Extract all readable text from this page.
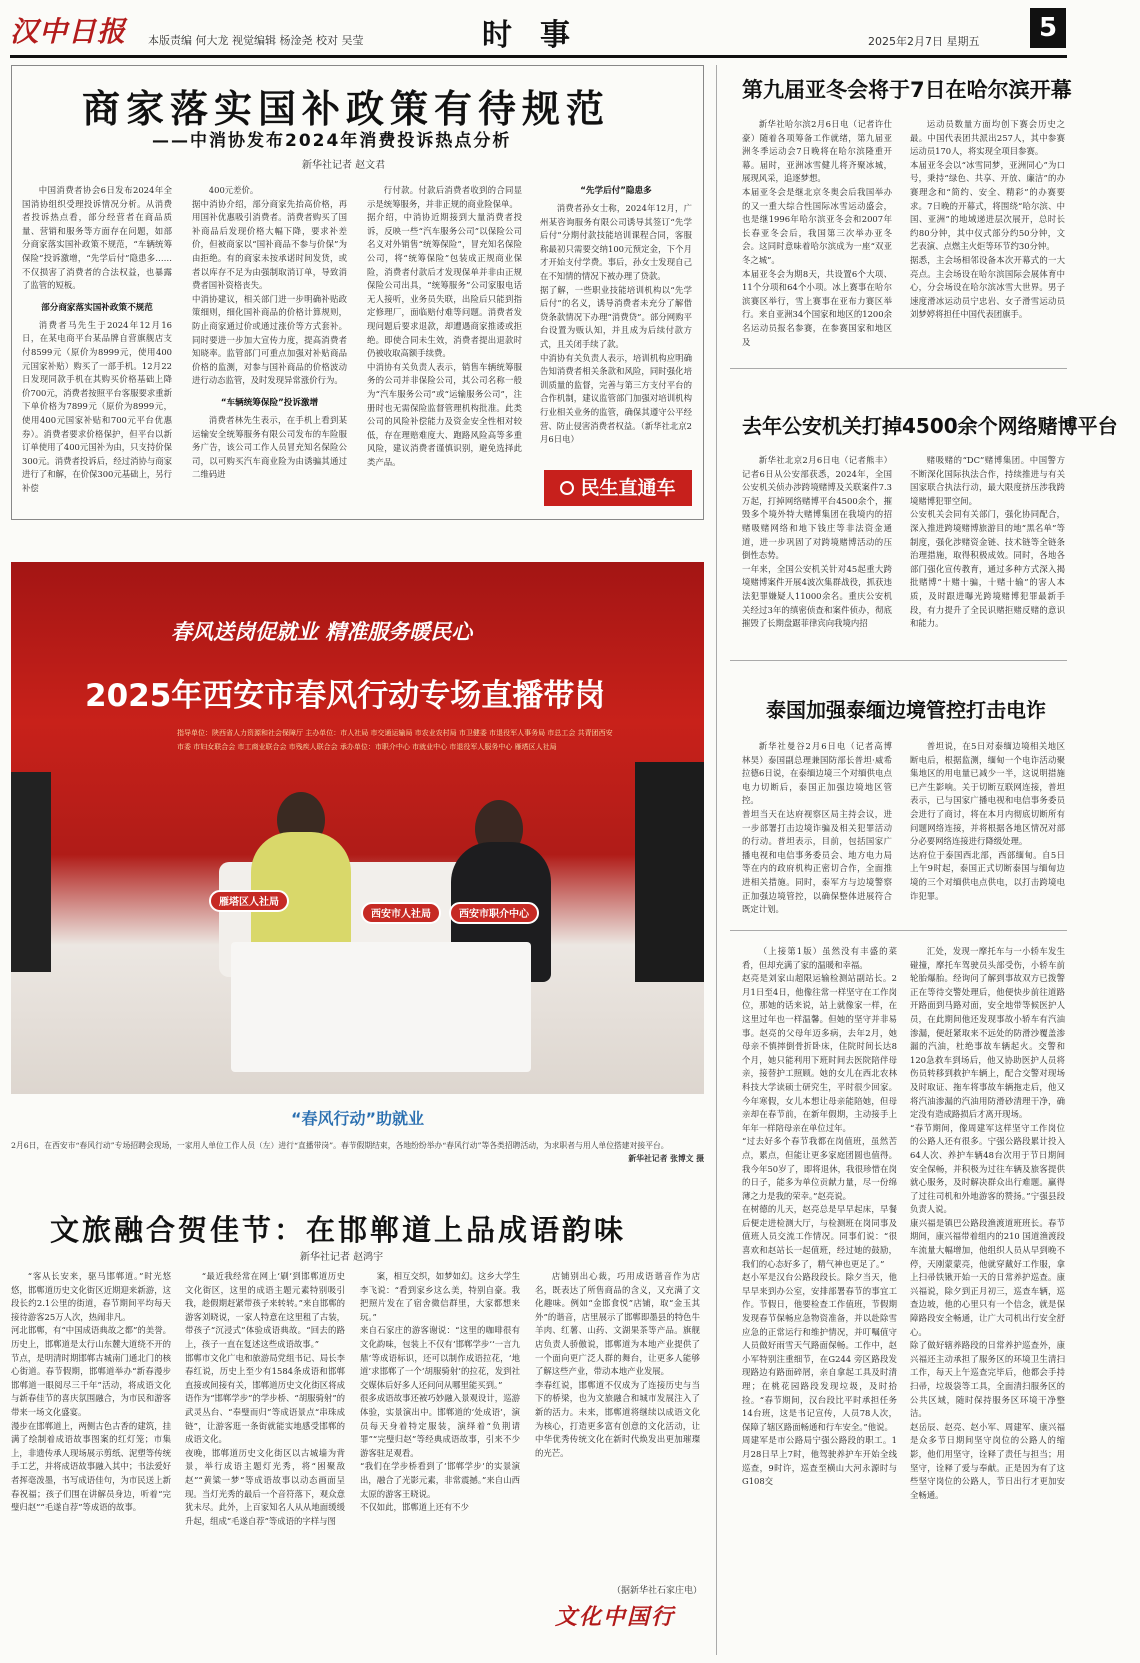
汉中日报 本版责编 何大龙 视觉编辑 杨淦尧 校对 吴莹	时事	2025年2月7日 星期五	5
商家落实国补政策有待规范
——中消协发布2024年消费投诉热点分析
新华社记者 赵文君

中国消费者协会6日发布2024年全国消协组织受理投诉情况分析。从消费者投诉热点看，部分经营者在商品质量、营销和服务等方面存在问题，如部分商家落实国补政策不规范，“车辆统筹保险”投诉激增，“先学后付”隐患多……不仅损害了消费者的合法权益，也暴露了监管的短板。

部分商家落实国补政策不规范

消费者马先生于2024年12月16日，在某电商平台某品牌自营旗舰店支付8599元（原价为8999元，使用400元国家补贴）购买了一部手机。12月22日发现同款手机在其购买价格基础上降价700元，消费者按照平台客服要求重新下单价格为7899元（原价为8999元，使用400元国家补贴和700元平台优惠券）。消费者要求价格保护，但平台以新订单使用了400元国补为由，只支持价保300元。消费者投诉后，经过消协与商家进行了和解，在价保300元基础上，另行补偿

400元差价。
据中消协介绍，部分商家先抬高价格，再用国补优惠吸引消费者。消费者购买了国补商品后发现价格大幅下降，要求补差价，但被商家以“国补商品不参与价保”为由拒绝。有的商家未按承诺时间发货，或者以库存不足为由强制取消订单，导致消费者国补资格丧失。
中消协建议，相关部门进一步明确补贴政策细则，细化国补商品的价格计算规则，防止商家通过价或通过涨价等方式套补。同时要进一步加大宣传力度，提高消费者知晓率。监管部门可重点加强对补贴商品价格的监测，对参与国补商品的价格波动进行动态监管，及时发现异常涨价行为。

“车辆统筹保险”投诉激增

消费者林先生表示，在手机上看到某运输安全统筹服务有限公司发布的车险服务广告，该公司工作人员冒充知名保险公司，以可购买汽车商业险为由诱骗其通过二维码进

行付款。付款后消费者收到的合同显示是统筹服务，并非正规的商业险保单。
据介绍，中消协近期接到大量消费者投诉，反映一些“汽车服务公司”以保险公司名义对外销售“统筹保险”，冒充知名保险公司，将“统筹保险”包装成正规商业保险，消费者付款后才发现保单并非由正规保险公司出具，“统筹服务”公司家服电话无人接听，业务员失联，出险后只能到指定修理厂，面临赔付难等问题。消费者发现问题后要求退款，却遭遇商家推诿或拒绝。即使合同未生效，消费者提出退款时仍被收取高额手续费。
中消协有关负责人表示，销售车辆统筹服务的公司并非保险公司，其公司名称一般为“汽车服务公司”或“运输服务公司”，注册时也无需保险监督管理机构批准。此类公司的风险补偿能力及资金安全性相对较低，存在理赔难度大、跑路风险高等多重风险，建议消费者谨慎识别，避免选择此类产品。

“先学后付”隐患多

消费者孙女士称，2024年12月，广州某咨询服务有限公司诱导其签订“先学后付”分期付款技能培训课程合同，客服称最初只需要交纳100元预定金，下个月才开始支付学费。事后，孙女士发现自己在不知情的情况下被办理了贷款。
据了解，一些职业技能培训机构以“先学后付”的名义，诱导消费者未充分了解借贷条款情况下办理“消费贷”。部分网购平台设置为贩认知，并且成为后续付款方式，且关闭手续了款。
中消协有关负责人表示，培训机构应明确告知消费者相关条款和风险，同时强化培训质量的监督，完善与第三方支付平台的合作机制，建议监管部门加强对培训机构行业相关业务的监管，确保其遵守公平经营、防止侵害消费者权益。（新华社北京2月6日电）

民生直通车
春风送岗促就业 精准服务暖民心
2025年西安市春风行动专场直播带岗
指导单位：陕西省人力资源和社会保障厅 主办单位：市人社局 市交通运输局 市农业农村局 市卫健委 市退役军人事务局 市总工会 共青团西安市委 市妇女联合会 市工商业联合会 市残疾人联合会 承办单位：市职介中心 市就业中心 市退役军人服务中心 雁塔区人社局
雁塔区人社局
西安市人社局	西安市职介中心
“春风行动”助就业
2月6日，在西安市“春风行动”专场招聘会现场，一家用人单位工作人员（左）进行“直播带岗”。春节假期结束，各地纷纷举办“春风行动”等各类招聘活动，为求职者与用人单位搭建对接平台。
新华社记者 张博文 摄
文旅融合贺佳节：在邯郸道上品成语韵味
新华社记者 赵鸿宇

“客从长安来，驱马邯郸道。”时光悠悠，邯郸道历史文化街区近期迎来新游，这段长约2.1公里的街道，春节期间平均每天接待游客25万人次，热闹非凡。
河北邯郸，有“中国成语典故之都”的美誉。历史上，邯郸道是太行山东麓大道绕不开的节点，是明清时期邯郸古城南门通北门的核心街道。春节假期，邯郸道举办“新春漫步邯郸道一眼阅尽三千年”活动，将成语文化与新春佳节的喜庆氛围融合，为市民和游客带来一场文化盛宴。
漫步在邯郸道上，两侧古色古香的建筑，挂满了绘制着成语故事图案的红灯笼；市集上，非遗传承人现场展示剪纸、泥塑等传统手工艺，并将成语故事融入其中；书法爱好者挥毫泼墨，书写成语佳句，为市民送上新春祝福；孩子们围在讲解员身边，听着“完璧归赵”“毛遂自荐”等成语的故事。

“最近我经常在网上‘刷’到邯郸道历史文化街区，这里的成语主题元素特别吸引我，趁假期赶紧带孩子来转转。”来自邯郸的游客刘晓说，一家人特意在这里租了古装，带孩子“沉浸式”体验成语典故。“回去的路上，孩子一直在复述这些成语故事。”
邯郸市文化广电和旅游局党组书记、局长李春红说，历史上至少有1584条成语和邯郸直接或间接有关，邯郸道历史文化街区将成语作为“邯郸学步”的学步桥、“胡服骑射”的武灵丛台、“奉璧而归”等成语景点“串珠成链”，让游客逛一条街就能实地感受邯郸的成语文化。
夜晚，邯郸道历史文化街区以古城墙为背景，举行成语主题灯光秀，将“困聚敌赵”“黄粱一梦”等成语故事以动态画面呈现。当灯光秀的最后一个音符落下，观众意犹未尽。此外，上百家知名人从从地面缓缓升起，组成“毛遂自荐”等成语的字样与图

案，相互交织，如梦如幻。这乡大学生李飞说：“看到家乡这么美，特别自豪。我把照片发在了宿舍微信群里，大家都想来玩。”
来自石家庄的游客谢说：“这里的咖啡很有文化韵味，包装上不仅有‘邯郸学步’‘一言九鼎’等成语标识，还可以制作成语拉花，‘地道’求邯郸了一个‘胡服骑射’的拉花，发到社交媒体后好多人还问问从哪里能买到。”
很多成语故事还被巧妙融入景观设计，巡游体验，实景演出中。邯郸道的‘处成语’，演员每天身着特定服装，演绎着“负荆请罪”“完璧归赵”等经典成语故事，引来不少游客驻足观看。
“我们在学步桥看到了‘邯郸学步’的实景演出，融合了光影元素，非常震撼。”来自山西太原的游客王晓说。
不仅如此，邯郸道上还有不少

店铺别出心裁，巧用成语谐音作为店名，既表达了所售商品的含义，又充满了文化趣味。例如“金邯食悦”店铺，取“金玉其外”的谐音，店里展示了邯郸即墨县的特色牛羊肉、红薯、山药、文湖果茶等产品。旗舰店负责人骄傲说，邯郸道为本地产业提供了一个面向更广泛人群的舞台，让更多人能够了解这些产业，带动本地产业发展。
李春红说，邯郸道不仅成为了连接历史与当下的桥梁，也为文旅融合和城市发展注入了新的活力。未来，邯郸道将继续以成语文化为核心，打造更多富有创意的文化活动，让中华优秀传统文化在新时代焕发出更加璀璨的光芒。

（据新华社石家庄电）
文化中国行
第九届亚冬会将于7日在哈尔滨开幕

新华社哈尔滨2月6日电（记者许仕豪）随着各项筹备工作就绪，第九届亚洲冬季运动会7日晚将在哈尔滨隆重开幕。届时，亚洲冰雪健儿将齐聚冰城，展现风采，追逐梦想。
本届亚冬会是继北京冬奥会后我国举办的又一重大综合性国际冰雪运动盛会，也是继1996年哈尔滨亚冬会和2007年长春亚冬会后，我国第三次举办亚冬会。这同时意味着哈尔滨成为一座“双亚冬之城”。
本届亚冬会为期8天，共设置6个大项、11个分项和64个小项。冰上赛事在哈尔滨赛区举行，雪上赛事在亚布力赛区举行。来自亚洲34个国家和地区的1200余名运动员报名参赛，在参赛国家和地区及

运动员数量方面均创下赛会历史之最。中国代表团共派出257人，其中参赛运动员170人，将实现全项目参赛。
本届亚冬会以“冰雪同梦，亚洲同心”为口号，秉持“绿色、共享、开放、廉洁”的办赛理念和“简约、安全、精彩”的办赛要求。7日晚的开幕式，将围绕“哈尔滨、中国、亚洲”的地域递进层次展开，总时长约80分钟，其中仪式部分约50分钟，文艺表演、点燃主火炬等环节约30分钟。
据悉，主会场相邻设备本次开幕式的一大亮点。主会场设在哈尔滨国际会展体育中心，分会场设在哈尔滨冰雪大世界。男子速度滑冰运动员宁忠岩、女子滑雪运动员刘梦婷将担任中国代表团旗手。

去年公安机关打掉4500余个网络赌博平台

新华社北京2月6日电（记者熊丰）记者6日从公安部获悉，2024年，全国公安机关侦办涉跨境赌博及关联案件7.3万起，打掉网络赌博平台4500余个，摧毁多个境外特大赌博集团在我境内的招赌吸赌网络和地下钱庄等非法资金通道，进一步巩固了对跨境赌博活动的压倒性态势。
一年来，全国公安机关针对45起重大跨境赌博案件开展4波次集群战役，抓获违法犯罪嫌疑人11000余名。重庆公安机关经过3年的缜密侦查和案件侦办，彻底摧毁了长期盘踞菲律宾向我境内招

赌吸赌的“DC”赌博集团。中国警方不断深化国际执法合作，持续推进与有关国家联合执法行动，最大限度挤压涉我跨境赌博犯罪空间。
公安机关会同有关部门，强化协同配合，深入推进跨境赌博旅游目的地“黑名单”等制度，强化涉赌资金链、技术链等全链条治理措施，取得积极成效。同时，各地各部门强化宣传教育，通过多种方式深入揭批赌博“十赌十骗，十赌十输”的害人本质，及时跟进曝光跨境赌博犯罪最新手段，有力提升了全民识赌拒赌反赌的意识和能力。

泰国加强泰缅边境管控打击电诈

新华社曼谷2月6日电（记者高博  林昊）泰国副总理兼国防部长普坦·威希拉德6日说，在泰缅边境三个对缅供电点电力切断后，泰国正加强边境地区管控。
普坦当天在达府视察区局主持会议，进一步部署打击边境诈骗及相关犯罪活动的行动。普坦表示，目前，包括国家广播电视和电信事务委员会、地方电力局等在内的政府机构正密切合作，全面推进相关措施。同时，泰军方与边境警察正加强边境管控，以确保整体进展符合既定计划。

普坦说，在5日对泰缅边境相关地区断电后，根据监测，缅甸一个电诈活动聚集地区的用电量已减少一半，这说明措施已产生影响。关于切断互联网连接，普坦表示，已与国家广播电视和电信事务委员会进行了商讨，将在本月内彻底切断所有问题网络连接，并将根据各地区情况对部分必要网络连接进行降级处理。
达府位于泰国西北部，西部缅甸。自5日上午9时起，泰国正式切断泰国与缅甸边境的三个对缅供电点供电，以打击跨境电诈犯罪。

（上接第1版）虽然没有丰盛的菜肴，但却充满了家的温暖和幸福。
赵亮是刘家山超限运输检测站副站长。2月1日至4日，他像往常一样坚守在工作岗位，那她的话来说，站上就像家一样，在这里过年也一样温馨。但她的坚守并非易事。赵亮的父母年迈多病，去年2月，她母亲不慎摔倒骨折卧床，住院时间长达8个月，她只能利用下班时间去医院陪伴母亲，接替护工照顾。她的女儿在西北农林科技大学读硕士研究生，平时很少回家。今年寒假，女儿本想让母亲能陪她，但母亲却在春节前，在新年假期，主动接手上年年一样陪母亲在单位过年。
“过去好多个春节我都在岗值班，虽然苦点，累点，但能让更多家庭团圆也值得。我今年50岁了，即将退休，我很珍惜在岗的日子，能多为单位贡献力量，尽一份绵薄之力是我的荣幸。”赵亮说。
在树德的儿天，赵亮总是早早起床，早餐后便走进检测大厅，与检测班在岗同事及值班人员交流工作情况。同事们说：“很喜欢和赵站长一起值班，经过她的鼓励，我们的心态好多了，精气神也更足了。”
赵小军是汉台公路段段长。除夕当天，他早早来到办公室，安排部署春节的事宜工作。节假日，他要检查工作值班，节假期发现春节保畅应急物资准备，并以赴除雪应急的正常运行和维护情况，并叮嘱值守人员做好雨雪天气路面保畅。工作中，赵小军特别注重细节，在G244 旁区路段发现路边有路面碎屑，亲自拿起工具及时清理；在桃花园路段发现垃圾，及时拾捡。“春节期间，汉台段比平时承担任务14台班，这是书记宣传，人员78人次，保障了辖区路面畅通和行车安全。”他说。
周建军是市公路局宁强公路段的职工。1月28日早上7时，他驾驶养护车开始全线巡查，9时许，巡查至横山大河永源时与 G108交

汇处，发现一摩托车与一小轿车发生碰撞，摩托车驾驶员头部受伤，小轿车前轮胎爆胎。经询问了解到事故双方已拨警正在等待交警处理后，他便快步前往道路开路面到马路对面，安全地带等候医护人员，在此期间他还发现事故小轿车有汽油渗漏，便赶紧取来不远处的防滑沙覆盖渗漏的汽油，杜绝事故车辆起火。交警和120急救车到场后，他又协助医护人员将伤员转移到救护车辆上，配合交警对现场及时取证、拖车将事故车辆拖走后，他又将汽油渗漏的汽油用防滑砂清理干净，确定没有造成路损后才离开现场。
“春节期间，像周建军这样坚守工作岗位的公路人还有很多。宁强公路段累计投入64人次、养护车辆48台次用于节日期间安全保畅，并积极为过往车辆及旅客提供就心服务，及时解决群众出行难题。赢得了过往司机和外地游客的赞扬。”宁强县段负责人说。
康兴福是镇巴公路段渔渡道班班长。春节期间，康兴福带着组内的210 国道渔渡段车流量大幅增加，他组织人员从早到晚不停，天刚蒙蒙亮，他就穿戴好工作服，拿上扫帚铁锹开始一天的日常养护巡查。康兴福说，除夕到正月初三，巡查车辆，巡查边坡，他的心里只有一个信念，就是保障路段安全畅通，让广大司机出行安全舒心。
除了做好辖养路段的日常养护巡查外，康兴福还主动承担了服务区的环境卫生清扫工作，每天上午巡查完毕后，他都会手持扫帚，垃圾袋等工具，全面清扫服务区的公共区域，随时保持服务区环境干净整洁。
赵岳辰、赵亮、赵小军、周建军、康兴福是众多节日期间坚守岗位的公路人的缩影，他们用坚守，诠释了责任与担当；用坚守，诠释了爱与奉献。正是因为有了这些坚守岗位的公路人，节日出行才更加安全畅通。
